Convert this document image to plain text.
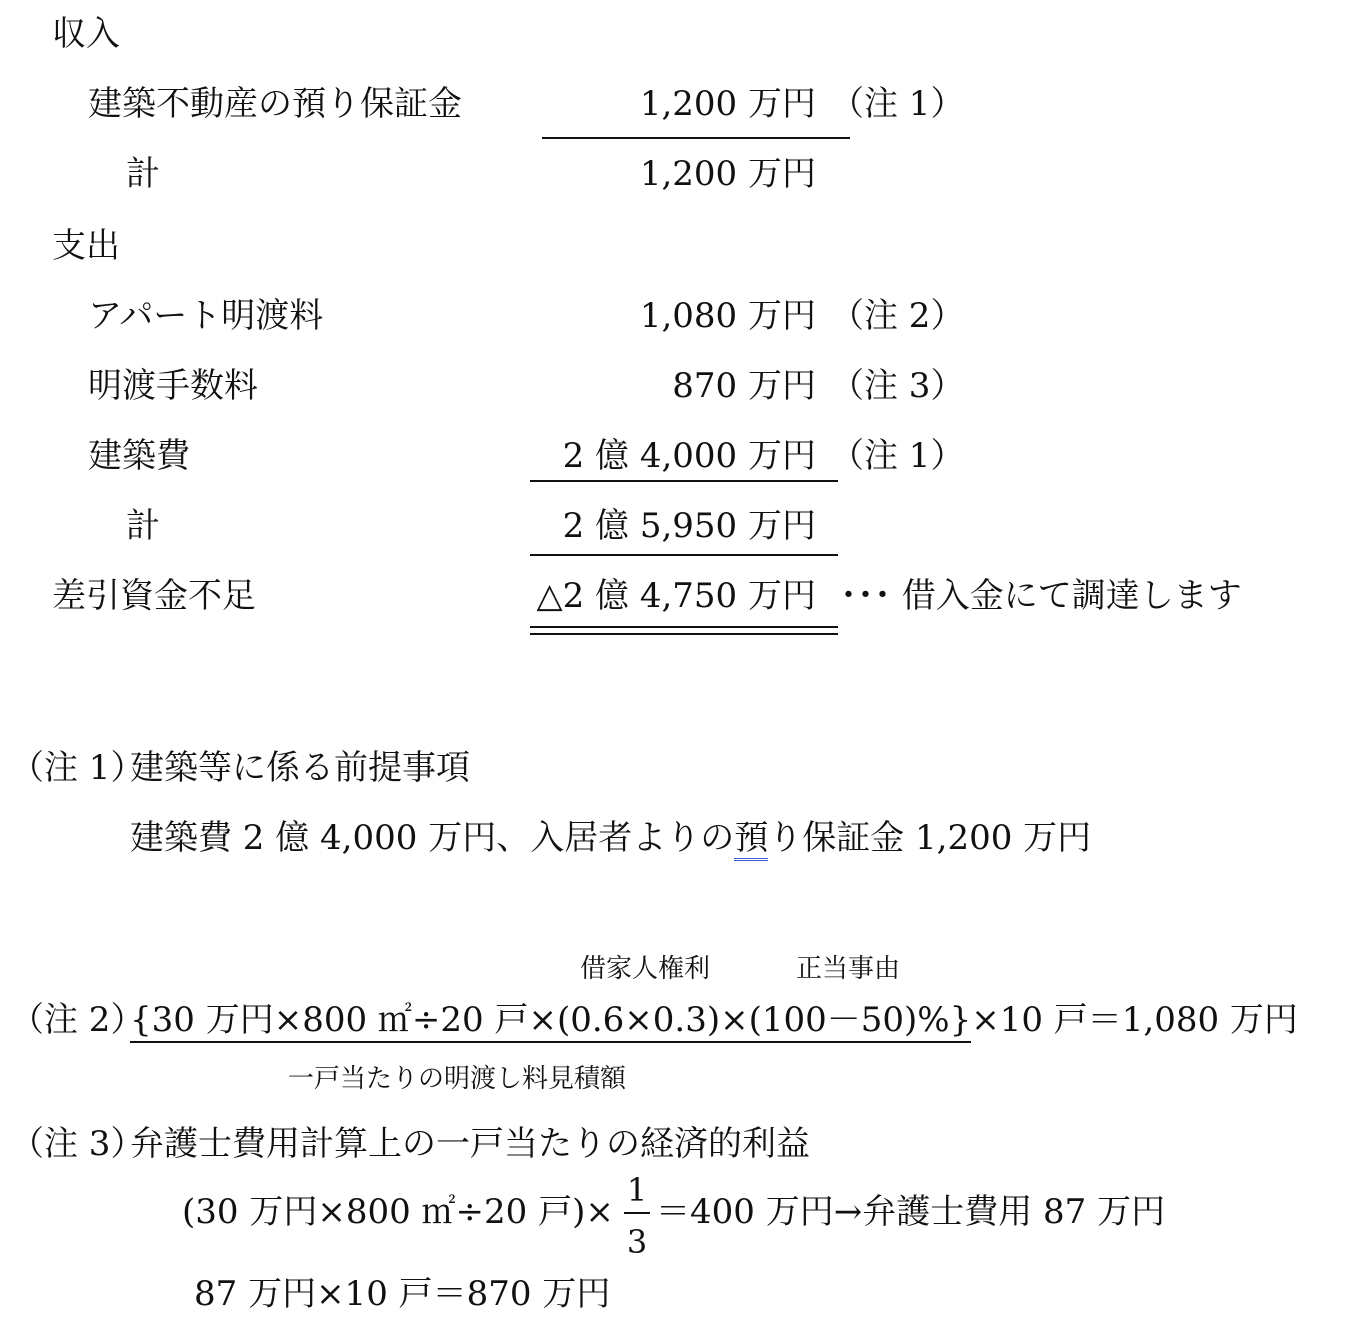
収入
建築不動産の預り保証金	1,200 万円 （注 1）
計	1,200 万円
支出
アパート明渡料	1,080 万円 （注 2）
明渡手数料	870 万円 （注 3）
建築費	2 億 4,000 万円 （注 1）
計	2 億 5,950 万円
差引資金不足	△2 億 4,750 万円 ･･･ 借入金にて調達します
（注 1）
建築等に係る前提事項
建築費 2 億 4,000 万円、入居者よりの預り保証金 1,200 万円
借家人権利	正当事由
（注 2）
{30 万円×800 ㎡÷20 戸×(0.6×0.3)×(100－50)%}×10 戸＝1,080 万円
一戸当たりの明渡し料見積額
（注 3）
弁護士費用計算上の一戸当たりの経済的利益
(30 万円×800 ㎡÷20 戸)×
1
3
＝400 万円→弁護士費用 87 万円
87 万円×10 戸＝870 万円
